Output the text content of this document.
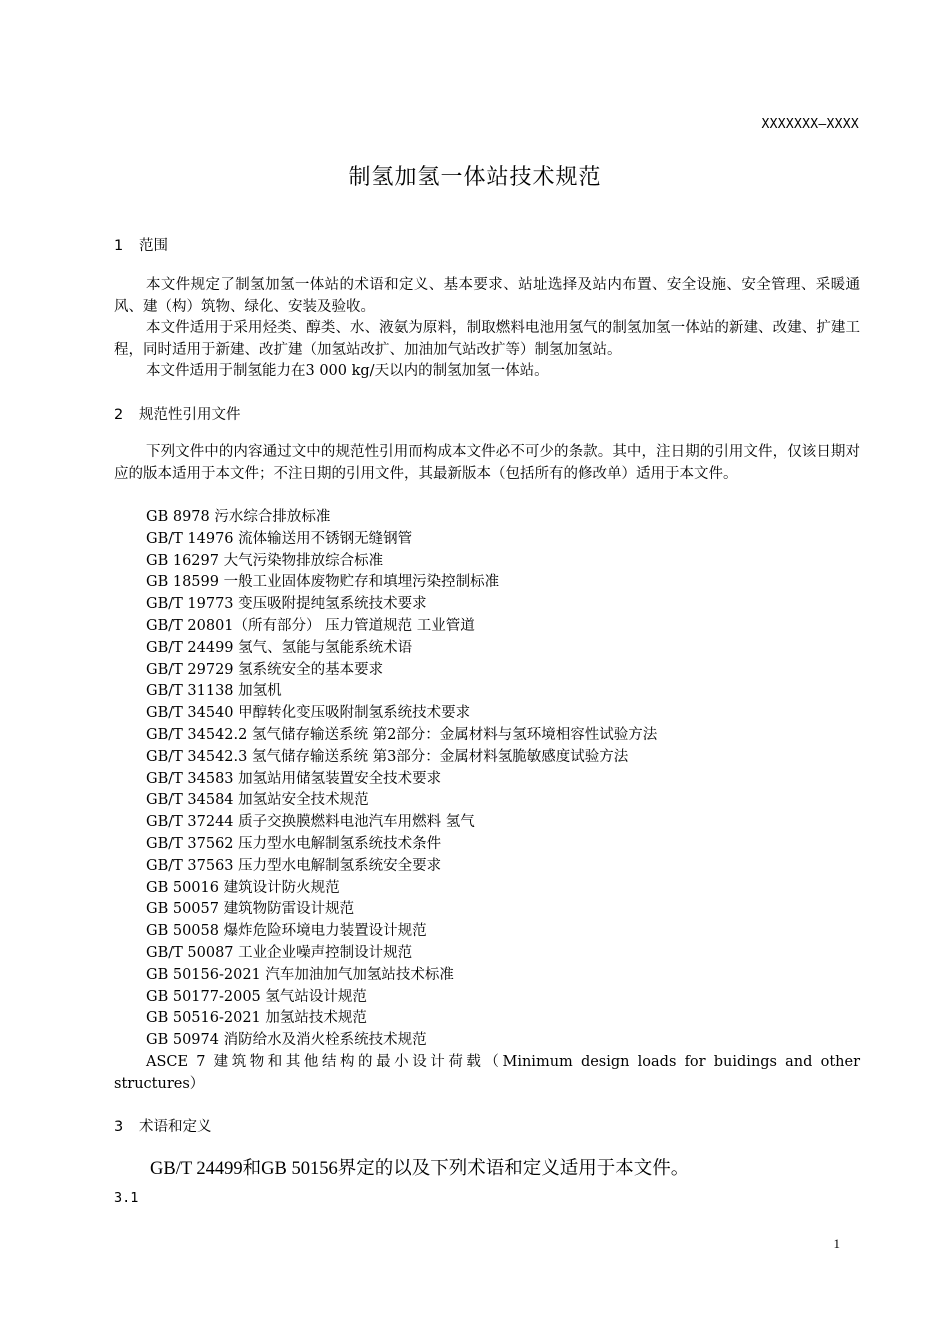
XXXXXXX—XXXX
制氢加氢一体站技术规范
1 范围
本文件规定了制氢加氢一体站的术语和定义、基本要求、站址选择及站内布置、安全设施、安全管理、采暖通风、建（构）筑物、绿化、安装及验收。
本文件适用于采用烃类、醇类、水、液氨为原料，制取燃料电池用氢气的制氢加氢一体站的新建、改建、扩建工程，同时适用于新建、改扩建（加氢站改扩、加油加气站改扩等）制氢加氢站。
本文件适用于制氢能力在3 000 kg/天以内的制氢加氢一体站。
2 规范性引用文件
下列文件中的内容通过文中的规范性引用而构成本文件必不可少的条款。其中，注日期的引用文件，仅该日期对应的版本适用于本文件；不注日期的引用文件，其最新版本（包括所有的修改单）适用于本文件。
GB 8978 污水综合排放标准
GB/T 14976 流体输送用不锈钢无缝钢管
GB 16297 大气污染物排放综合标准
GB 18599 一般工业固体废物贮存和填埋污染控制标准
GB/T 19773 变压吸附提纯氢系统技术要求
GB/T 20801（所有部分） 压力管道规范 工业管道
GB/T 24499 氢气、氢能与氢能系统术语
GB/T 29729 氢系统安全的基本要求
GB/T 31138 加氢机
GB/T 34540 甲醇转化变压吸附制氢系统技术要求
GB/T 34542.2 氢气储存输送系统 第2部分：金属材料与氢环境相容性试验方法
GB/T 34542.3 氢气储存输送系统 第3部分：金属材料氢脆敏感度试验方法
GB/T 34583 加氢站用储氢装置安全技术要求
GB/T 34584 加氢站安全技术规范
GB/T 37244 质子交换膜燃料电池汽车用燃料 氢气
GB/T 37562 压力型水电解制氢系统技术条件
GB/T 37563 压力型水电解制氢系统安全要求
GB 50016 建筑设计防火规范
GB 50057 建筑物防雷设计规范
GB 50058 爆炸危险环境电力装置设计规范
GB/T 50087 工业企业噪声控制设计规范
GB 50156-2021 汽车加油加气加氢站技术标准
GB 50177-2005 氢气站设计规范
GB 50516-2021 加氢站技术规范
GB 50974 消防给水及消火栓系统技术规范
ASCE 7 建筑物和其他结构的最小设计荷载（Minimum design loads for buidings and other structures）
3 术语和定义
GB/T 24499和GB 50156界定的以及下列术语和定义适用于本文件。
3.1
1
